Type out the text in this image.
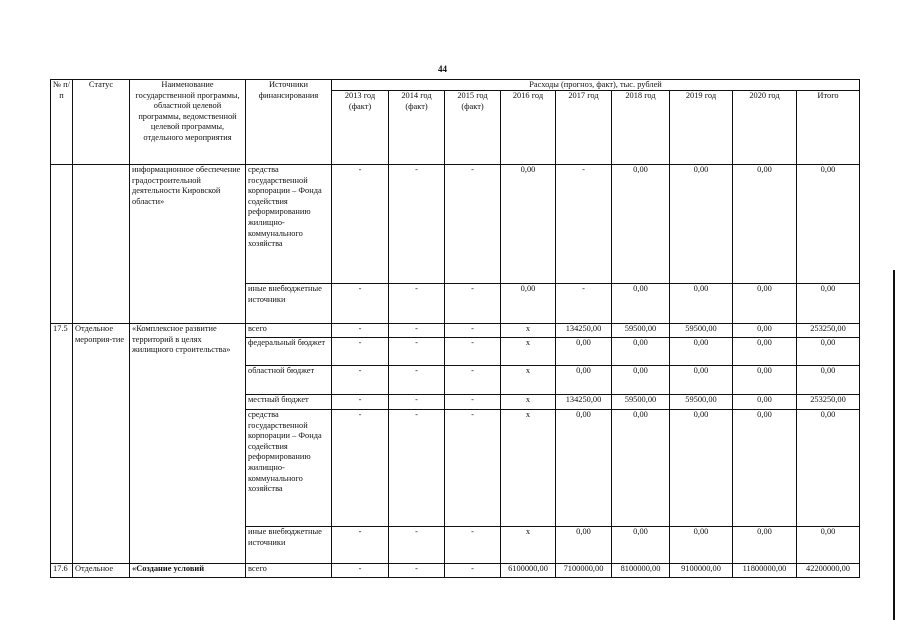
44
№ п/п	Статус	Наименование государственной программы, областной целевой программы, ведомственной целевой программы, отдельного мероприятия	Источники финансирования	Расходы (прогноз, факт), тыс. рублей								
				2013 год (факт)	2014 год (факт)	2015 год (факт)	2016 год	2017 год	2018 год	2019 год	2020 год	Итого
		информационное обеспечение градостроительной деятельности Кировской области»	средства государственной корпорации – Фонда содействия реформированию жилищно-коммунального хозяйства	-	-	-	0,00	-	0,00	0,00	0,00	0,00
			иные внебюджетные источники	-	-	-	0,00	-	0,00	0,00	0,00	0,00
17.5	Отдельное мероприя-тие	«Комплексное развитие территорий в целях жилищного строительства»	всего	-	-	-	x	134250,00	59500,00	59500,00	0,00	253250,00
			федеральный бюджет	-	-	-	x	0,00	0,00	0,00	0,00	0,00
			областной бюджет	-	-	-	x	0,00	0,00	0,00	0,00	0,00
			местный бюджет	-	-	-	x	134250,00	59500,00	59500,00	0,00	253250,00
			средства государственной корпорации – Фонда содействия реформированию жилищно-коммунального хозяйства	-	-	-	x	0,00	0,00	0,00	0,00	0,00
			иные внебюджетные источники	-	-	-	x	0,00	0,00	0,00	0,00	0,00
17.6	Отдельное	«Создание условий	всего	-	-	-	6100000,00	7100000,00	8100000,00	9100000,00	11800000,00	42200000,00
